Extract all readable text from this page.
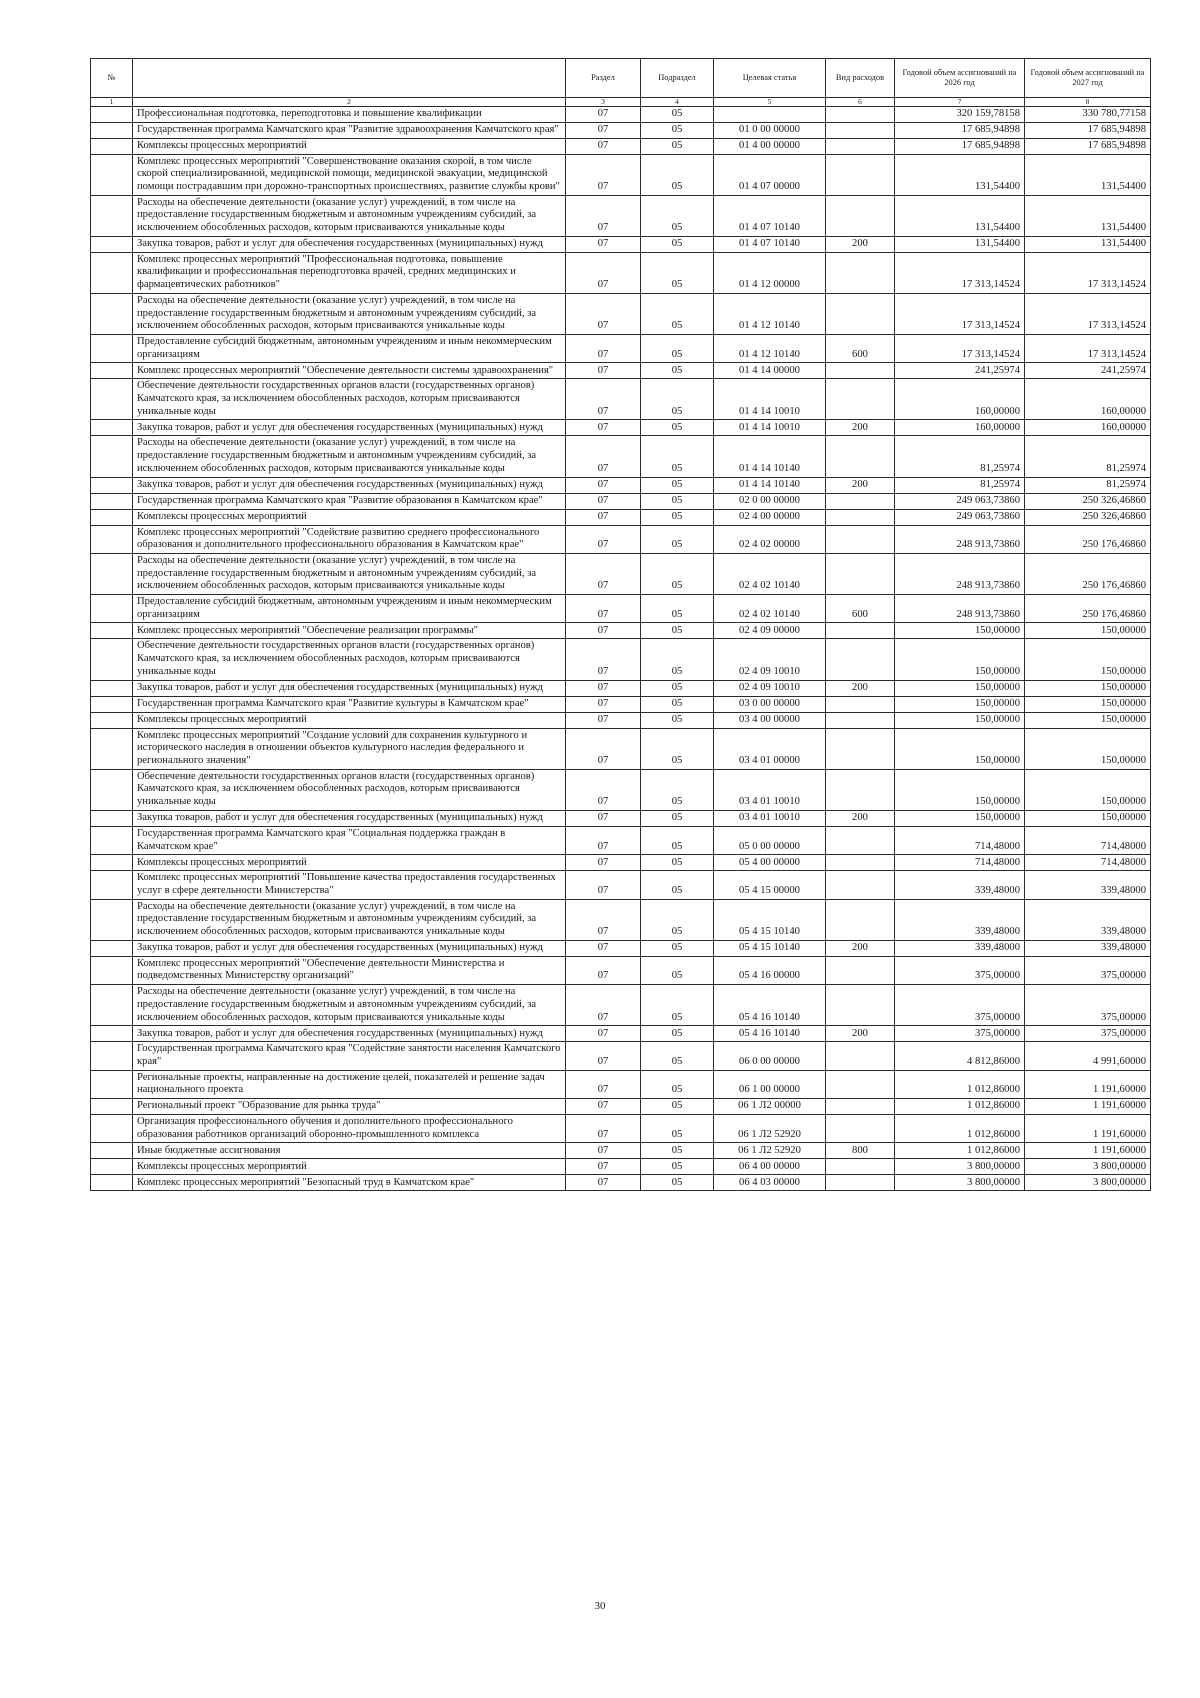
№		Раздел	Подраздел	Целевая статья	Вид расходов	Годовой объем ассигнований на 2026 год	Годовой объем ассигнований на 2027 год
1	2	3	4	5	6	7	8
	Профессиональная подготовка, переподготовка и повышение квалификации	07	05			320 159,78158	330 780,77158
	Государственная программа Камчатского края "Развитие здравоохранения Камчатского края"	07	05	01 0 00 00000		17 685,94898	17 685,94898
	Комплексы процессных мероприятий	07	05	01 4 00 00000		17 685,94898	17 685,94898
	Комплекс процессных мероприятий "Совершенствование оказания скорой, в том числе скорой специализированной, медицинской помощи, медицинской эвакуации, медицинской помощи пострадавшим при дорожно-транспортных происшествиях, развитие службы крови"	07	05	01 4 07 00000		131,54400	131,54400
	Расходы на обеспечение деятельности (оказание услуг) учреждений, в том числе на предоставление государственным бюджетным и автономным учреждениям субсидий, за исключением обособленных расходов, которым присваиваются уникальные коды	07	05	01 4 07 10140		131,54400	131,54400
	Закупка товаров, работ и услуг для обеспечения государственных (муниципальных) нужд	07	05	01 4 07 10140	200	131,54400	131,54400
	Комплекс процессных мероприятий "Профессиональная подготовка, повышение квалификации и профессиональная переподготовка врачей, средних медицинских и фармацевтических работников"	07	05	01 4 12 00000		17 313,14524	17 313,14524
	Расходы на обеспечение деятельности (оказание услуг) учреждений, в том числе на предоставление государственным бюджетным и автономным учреждениям субсидий, за исключением обособленных расходов, которым присваиваются уникальные коды	07	05	01 4 12 10140		17 313,14524	17 313,14524
	Предоставление субсидий бюджетным, автономным учреждениям и иным некоммерческим организациям	07	05	01 4 12 10140	600	17 313,14524	17 313,14524
	Комплекс процессных мероприятий "Обеспечение деятельности системы здравоохранения"	07	05	01 4 14 00000		241,25974	241,25974
	Обеспечение деятельности государственных органов власти (государственных органов) Камчатского края, за исключением обособленных расходов, которым присваиваются уникальные коды	07	05	01 4 14 10010		160,00000	160,00000
	Закупка товаров, работ и услуг для обеспечения государственных (муниципальных) нужд	07	05	01 4 14 10010	200	160,00000	160,00000
	Расходы на обеспечение деятельности (оказание услуг) учреждений, в том числе на предоставление государственным бюджетным и автономным учреждениям субсидий, за исключением обособленных расходов, которым присваиваются уникальные коды	07	05	01 4 14 10140		81,25974	81,25974
	Закупка товаров, работ и услуг для обеспечения государственных (муниципальных) нужд	07	05	01 4 14 10140	200	81,25974	81,25974
	Государственная программа Камчатского края "Развитие образования в Камчатском крае"	07	05	02 0 00 00000		249 063,73860	250 326,46860
	Комплексы процессных мероприятий	07	05	02 4 00 00000		249 063,73860	250 326,46860
	Комплекс процессных мероприятий "Содействие развитию среднего профессионального образования и дополнительного профессионального образования в Камчатском крае"	07	05	02 4 02 00000		248 913,73860	250 176,46860
	Расходы на обеспечение деятельности (оказание услуг) учреждений, в том числе на предоставление государственным бюджетным и автономным учреждениям субсидий, за исключением обособленных расходов, которым присваиваются уникальные коды	07	05	02 4 02 10140		248 913,73860	250 176,46860
	Предоставление субсидий бюджетным, автономным учреждениям и иным некоммерческим организациям	07	05	02 4 02 10140	600	248 913,73860	250 176,46860
	Комплекс процессных мероприятий "Обеспечение реализации программы"	07	05	02 4 09 00000		150,00000	150,00000
	Обеспечение деятельности государственных органов власти (государственных органов) Камчатского края, за исключением обособленных расходов, которым присваиваются уникальные коды	07	05	02 4 09 10010		150,00000	150,00000
	Закупка товаров, работ и услуг для обеспечения государственных (муниципальных) нужд	07	05	02 4 09 10010	200	150,00000	150,00000
	Государственная программа Камчатского края "Развитие культуры в Камчатском крае"	07	05	03 0 00 00000		150,00000	150,00000
	Комплексы процессных мероприятий	07	05	03 4 00 00000		150,00000	150,00000
	Комплекс процессных мероприятий "Создание условий для сохранения культурного и исторического наследия в отношении объектов культурного наследия федерального и регионального значения"	07	05	03 4 01 00000		150,00000	150,00000
	Обеспечение деятельности государственных органов власти (государственных органов) Камчатского края, за исключением обособленных расходов, которым присваиваются уникальные коды	07	05	03 4 01 10010		150,00000	150,00000
	Закупка товаров, работ и услуг для обеспечения государственных (муниципальных) нужд	07	05	03 4 01 10010	200	150,00000	150,00000
	Государственная программа Камчатского края "Социальная поддержка граждан в Камчатском крае"	07	05	05 0 00 00000		714,48000	714,48000
	Комплексы процессных мероприятий	07	05	05 4 00 00000		714,48000	714,48000
	Комплекс процессных мероприятий "Повышение качества предоставления государственных услуг в сфере деятельности Министерства"	07	05	05 4 15 00000		339,48000	339,48000
	Расходы на обеспечение деятельности (оказание услуг) учреждений, в том числе на предоставление государственным бюджетным и автономным учреждениям субсидий, за исключением обособленных расходов, которым присваиваются уникальные коды	07	05	05 4 15 10140		339,48000	339,48000
	Закупка товаров, работ и услуг для обеспечения государственных (муниципальных) нужд	07	05	05 4 15 10140	200	339,48000	339,48000
	Комплекс процессных мероприятий "Обеспечение деятельности Министерства и подведомственных Министерству организаций"	07	05	05 4 16 00000		375,00000	375,00000
	Расходы на обеспечение деятельности (оказание услуг) учреждений, в том числе на предоставление государственным бюджетным и автономным учреждениям субсидий, за исключением обособленных расходов, которым присваиваются уникальные коды	07	05	05 4 16 10140		375,00000	375,00000
	Закупка товаров, работ и услуг для обеспечения государственных (муниципальных) нужд	07	05	05 4 16 10140	200	375,00000	375,00000
	Государственная программа Камчатского края "Содействие занятости населения Камчатского края"	07	05	06 0 00 00000		4 812,86000	4 991,60000
	Региональные проекты, направленные на достижение целей, показателей и решение задач национального проекта	07	05	06 1 00 00000		1 012,86000	1 191,60000
	Региональный проект "Образование для рынка труда"	07	05	06 1 Л2 00000		1 012,86000	1 191,60000
	Организация профессионального обучения и дополнительного профессионального образования работников организаций оборонно-промышленного комплекса	07	05	06 1 Л2 52920		1 012,86000	1 191,60000
	Иные бюджетные ассигнования	07	05	06 1 Л2 52920	800	1 012,86000	1 191,60000
	Комплексы процессных мероприятий	07	05	06 4 00 00000		3 800,00000	3 800,00000
	Комплекс процессных мероприятий "Безопасный труд в Камчатском крае"	07	05	06 4 03 00000		3 800,00000	3 800,00000
30
